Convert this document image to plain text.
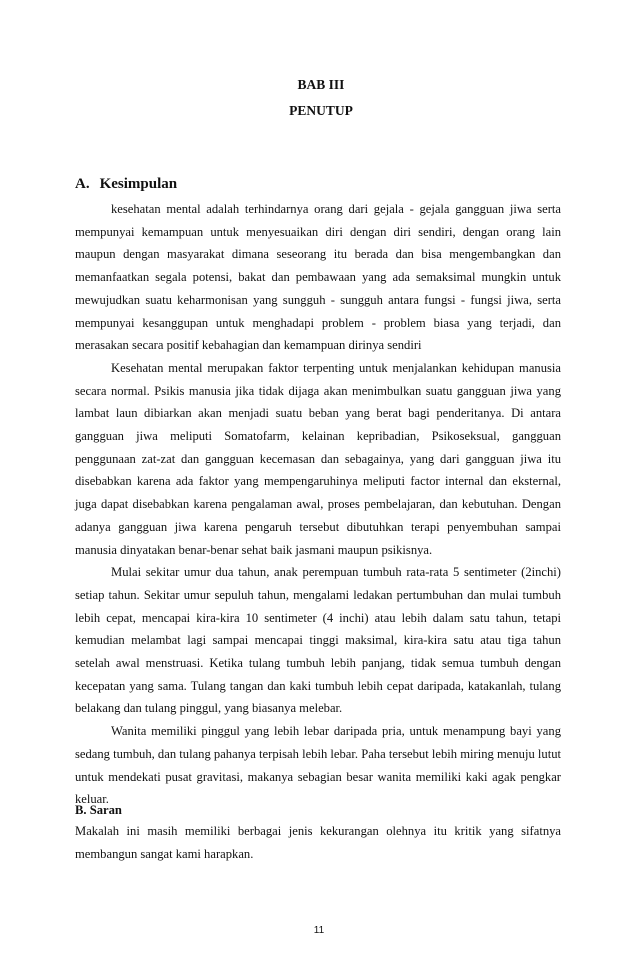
BAB III
PENUTUP
A. Kesimpulan

kesehatan mental adalah terhindarnya orang dari gejala - gejala gangguan jiwa serta mempunyai kemampuan untuk menyesuaikan diri dengan diri sendiri, dengan orang lain maupun dengan masyarakat dimana seseorang itu berada dan bisa mengembangkan dan memanfaatkan segala potensi, bakat dan pembawaan yang ada semaksimal mungkin untuk mewujudkan suatu keharmonisan yang sungguh - sungguh antara fungsi - fungsi jiwa, serta mempunyai kesanggupan untuk menghadapi problem - problem biasa yang terjadi, dan merasakan secara positif kebahagian dan kemampuan dirinya sendiri

Kesehatan mental merupakan faktor terpenting untuk menjalankan kehidupan manusia secara normal. Psikis manusia jika tidak dijaga akan menimbulkan suatu gangguan jiwa yang lambat laun dibiarkan akan menjadi suatu beban yang berat bagi penderitanya. Di antara gangguan jiwa meliputi Somatofarm, kelainan kepribadian, Psikoseksual, gangguan penggunaan zat-zat dan gangguan kecemasan dan sebagainya, yang dari gangguan jiwa itu disebabkan karena ada faktor yang mempengaruhinya meliputi factor internal dan eksternal, juga dapat disebabkan karena pengalaman awal, proses pembelajaran, dan kebutuhan. Dengan adanya gangguan jiwa karena pengaruh tersebut dibutuhkan terapi penyembuhan sampai manusia dinyatakan benar-benar sehat baik jasmani maupun psikisnya.

Mulai sekitar umur dua tahun, anak perempuan tumbuh rata-rata 5 sentimeter (2inchi) setiap tahun. Sekitar umur sepuluh tahun, mengalami ledakan pertumbuhan dan mulai tumbuh lebih cepat, mencapai kira-kira 10 sentimeter (4 inchi) atau lebih dalam satu tahun, tetapi kemudian melambat lagi sampai mencapai tinggi maksimal, kira-kira satu atau tiga tahun setelah awal menstruasi. Ketika tulang tumbuh lebih panjang, tidak semua tumbuh dengan kecepatan yang sama. Tulang tangan dan kaki tumbuh lebih cepat daripada, katakanlah, tulang belakang dan tulang pinggul, yang biasanya melebar.

Wanita memiliki pinggul yang lebih lebar daripada pria, untuk menampung bayi yang sedang tumbuh, dan tulang pahanya terpisah lebih lebar. Paha tersebut lebih miring menuju lutut untuk mendekati pusat gravitasi, makanya sebagian besar wanita memiliki kaki agak pengkar keluar.

B. Saran

Makalah ini masih memiliki berbagai jenis kekurangan olehnya itu kritik yang sifatnya membangun sangat kami harapkan.

11
